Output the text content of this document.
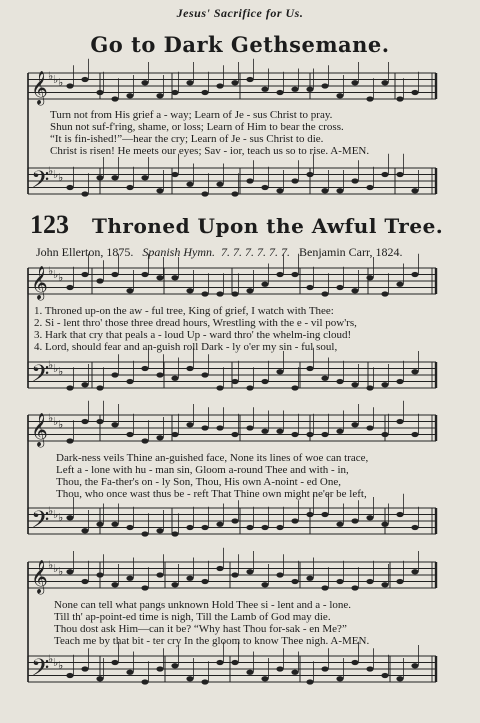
Jesus' Sacrifice for Us.
Go to Dark Gethsemane.
Turn not from His grief a - way; Learn of Je - sus Christ to pray.
Shun not suf-f'ring, shame, or loss; Learn of Him to bear the cross.
“It is fin-ished!”—hear the cry; Learn of Je - sus Christ to die.
Christ is risen! He meets our eyes; Sav - ior, teach us so to rise. A-MEN.
123 Throned Upon the Awful Tree.
John Ellerton, 1875. Spanish Hymn. 7. 7. 7. 7. 7. 7. Benjamin Carr, 1824.
1. Throned up-on the aw - ful tree, King of grief, I watch with Thee:
2. Si - lent thro' those three dread hours, Wrestling with the e - vil pow'rs,
3. Hark that cry that peals a - loud Up - ward thro' the whelm-ing cloud!
4. Lord, should fear and an-guish roll Dark - ly o'er my sin - ful soul,
Dark-ness veils Thine an-guished face, None its lines of woe can trace,
Left a - lone with hu - man sin, Gloom a-round Thee and with - in,
Thou, the Fa-ther's on - ly Son, Thou, His own A-noint - ed One,
Thou, who once wast thus be - reft That Thine own might ne'er be left,
None can tell what pangs unknown Hold Thee si - lent and a - lone.
Till th' ap-point-ed time is nigh, Till the Lamb of God may die.
Thou dost ask Him—can it be? “Why hast Thou for-sak - en Me?”
Teach me by that bit - ter cry In the gloom to know Thee nigh. A-MEN.
𝄞 ♭ ♭ ♭
𝄢
♭ ♭ ♭
𝄞 ♭ ♭ ♭
𝄢
♭ ♭ ♭
𝄞 ♭ ♭ ♭
𝄢
♭ ♭ ♭
𝄞 ♭ ♭ ♭
𝄢
♭ ♭ ♭
